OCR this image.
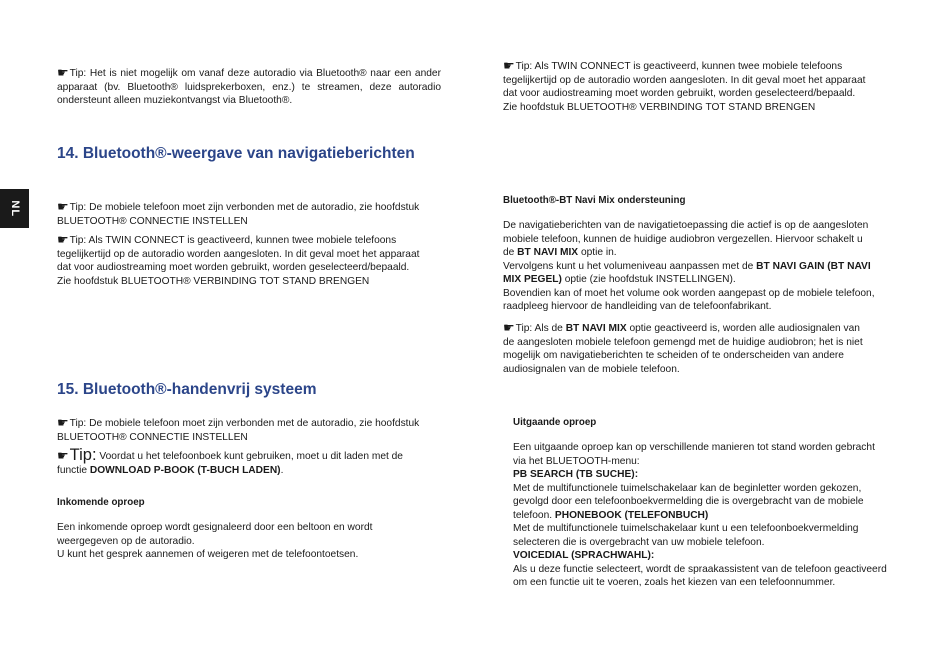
NL

☛ Tip: Het is niet mogelijk om vanaf deze autoradio via Bluetooth® naar een ander apparaat (bv. Bluetooth® luidsprekerboxen, enz.) te streamen, deze autoradio ondersteunt alleen muziekontvangst via Bluetooth®.

14. Bluetooth®-weergave van navigatieberichten

☛ Tip: De mobiele telefoon moet zijn verbonden met de autoradio, zie hoofdstuk

BLUETOOTH® CONNECTIE INSTELLEN

☛ Tip: Als TWIN CONNECT is geactiveerd, kunnen twee mobiele telefoons

tegelijkertijd op de autoradio worden aangesloten. In dit geval moet het apparaat

dat voor audiostreaming moet worden gebruikt, worden geselecteerd/bepaald.

Zie hoofdstuk BLUETOOTH® VERBINDING TOT STAND BRENGEN

15. Bluetooth®-handenvrij systeem

☛ Tip: De mobiele telefoon moet zijn verbonden met de autoradio, zie hoofdstuk

BLUETOOTH® CONNECTIE INSTELLEN

☛ Tip: Voordat u het telefoonboek kunt gebruiken, moet u dit laden met de

functie DOWNLOAD P-BOOK (T-BUCH LADEN).

Inkomende oproep

Een inkomende oproep wordt gesignaleerd door een beltoon en wordt

weergegeven op de autoradio.

U kunt het gesprek aannemen of weigeren met de telefoontoetsen.

☛ Tip: Als TWIN CONNECT is geactiveerd, kunnen twee mobiele telefoons

tegelijkertijd op de autoradio worden aangesloten. In dit geval moet het apparaat

dat voor audiostreaming moet worden gebruikt, worden geselecteerd/bepaald.

Zie hoofdstuk BLUETOOTH® VERBINDING TOT STAND BRENGEN

Bluetooth®-BT Navi Mix ondersteuning

De navigatieberichten van de navigatietoepassing die actief is op de aangesloten

mobiele telefoon, kunnen de huidige audiobron vergezellen. Hiervoor schakelt u

de BT NAVI MIX optie in.

Vervolgens kunt u het volumeniveau aanpassen met de BT NAVI GAIN (BT NAVI

MIX PEGEL) optie (zie hoofdstuk INSTELLINGEN).

Bovendien kan of moet het volume ook worden aangepast op de mobiele telefoon,

raadpleeg hiervoor de handleiding van de telefoonfabrikant.

☛ Tip: Als de BT NAVI MIX optie geactiveerd is, worden alle audiosignalen van

de aangesloten mobiele telefoon gemengd met de huidige audiobron; het is niet

mogelijk om navigatieberichten te scheiden of te onderscheiden van andere

audiosignalen van de mobiele telefoon.

Uitgaande oproep

Een uitgaande oproep kan op verschillende manieren tot stand worden gebracht

via het BLUETOOTH-menu:

PB SEARCH (TB SUCHE):

Met de multifunctionele tuimelschakelaar kan de beginletter worden gekozen,

gevolgd door een telefoonboekvermelding die is overgebracht van de mobiele

telefoon. PHONEBOOK (TELEFONBUCH)

Met de multifunctionele tuimelschakelaar kunt u een telefoonboekvermelding

selecteren die is overgebracht van uw mobiele telefoon.

VOICEDIAL (SPRACHWAHL):

Als u deze functie selecteert, wordt de spraakassistent van de telefoon geactiveerd

om een functie uit te voeren, zoals het kiezen van een telefoonnummer.
